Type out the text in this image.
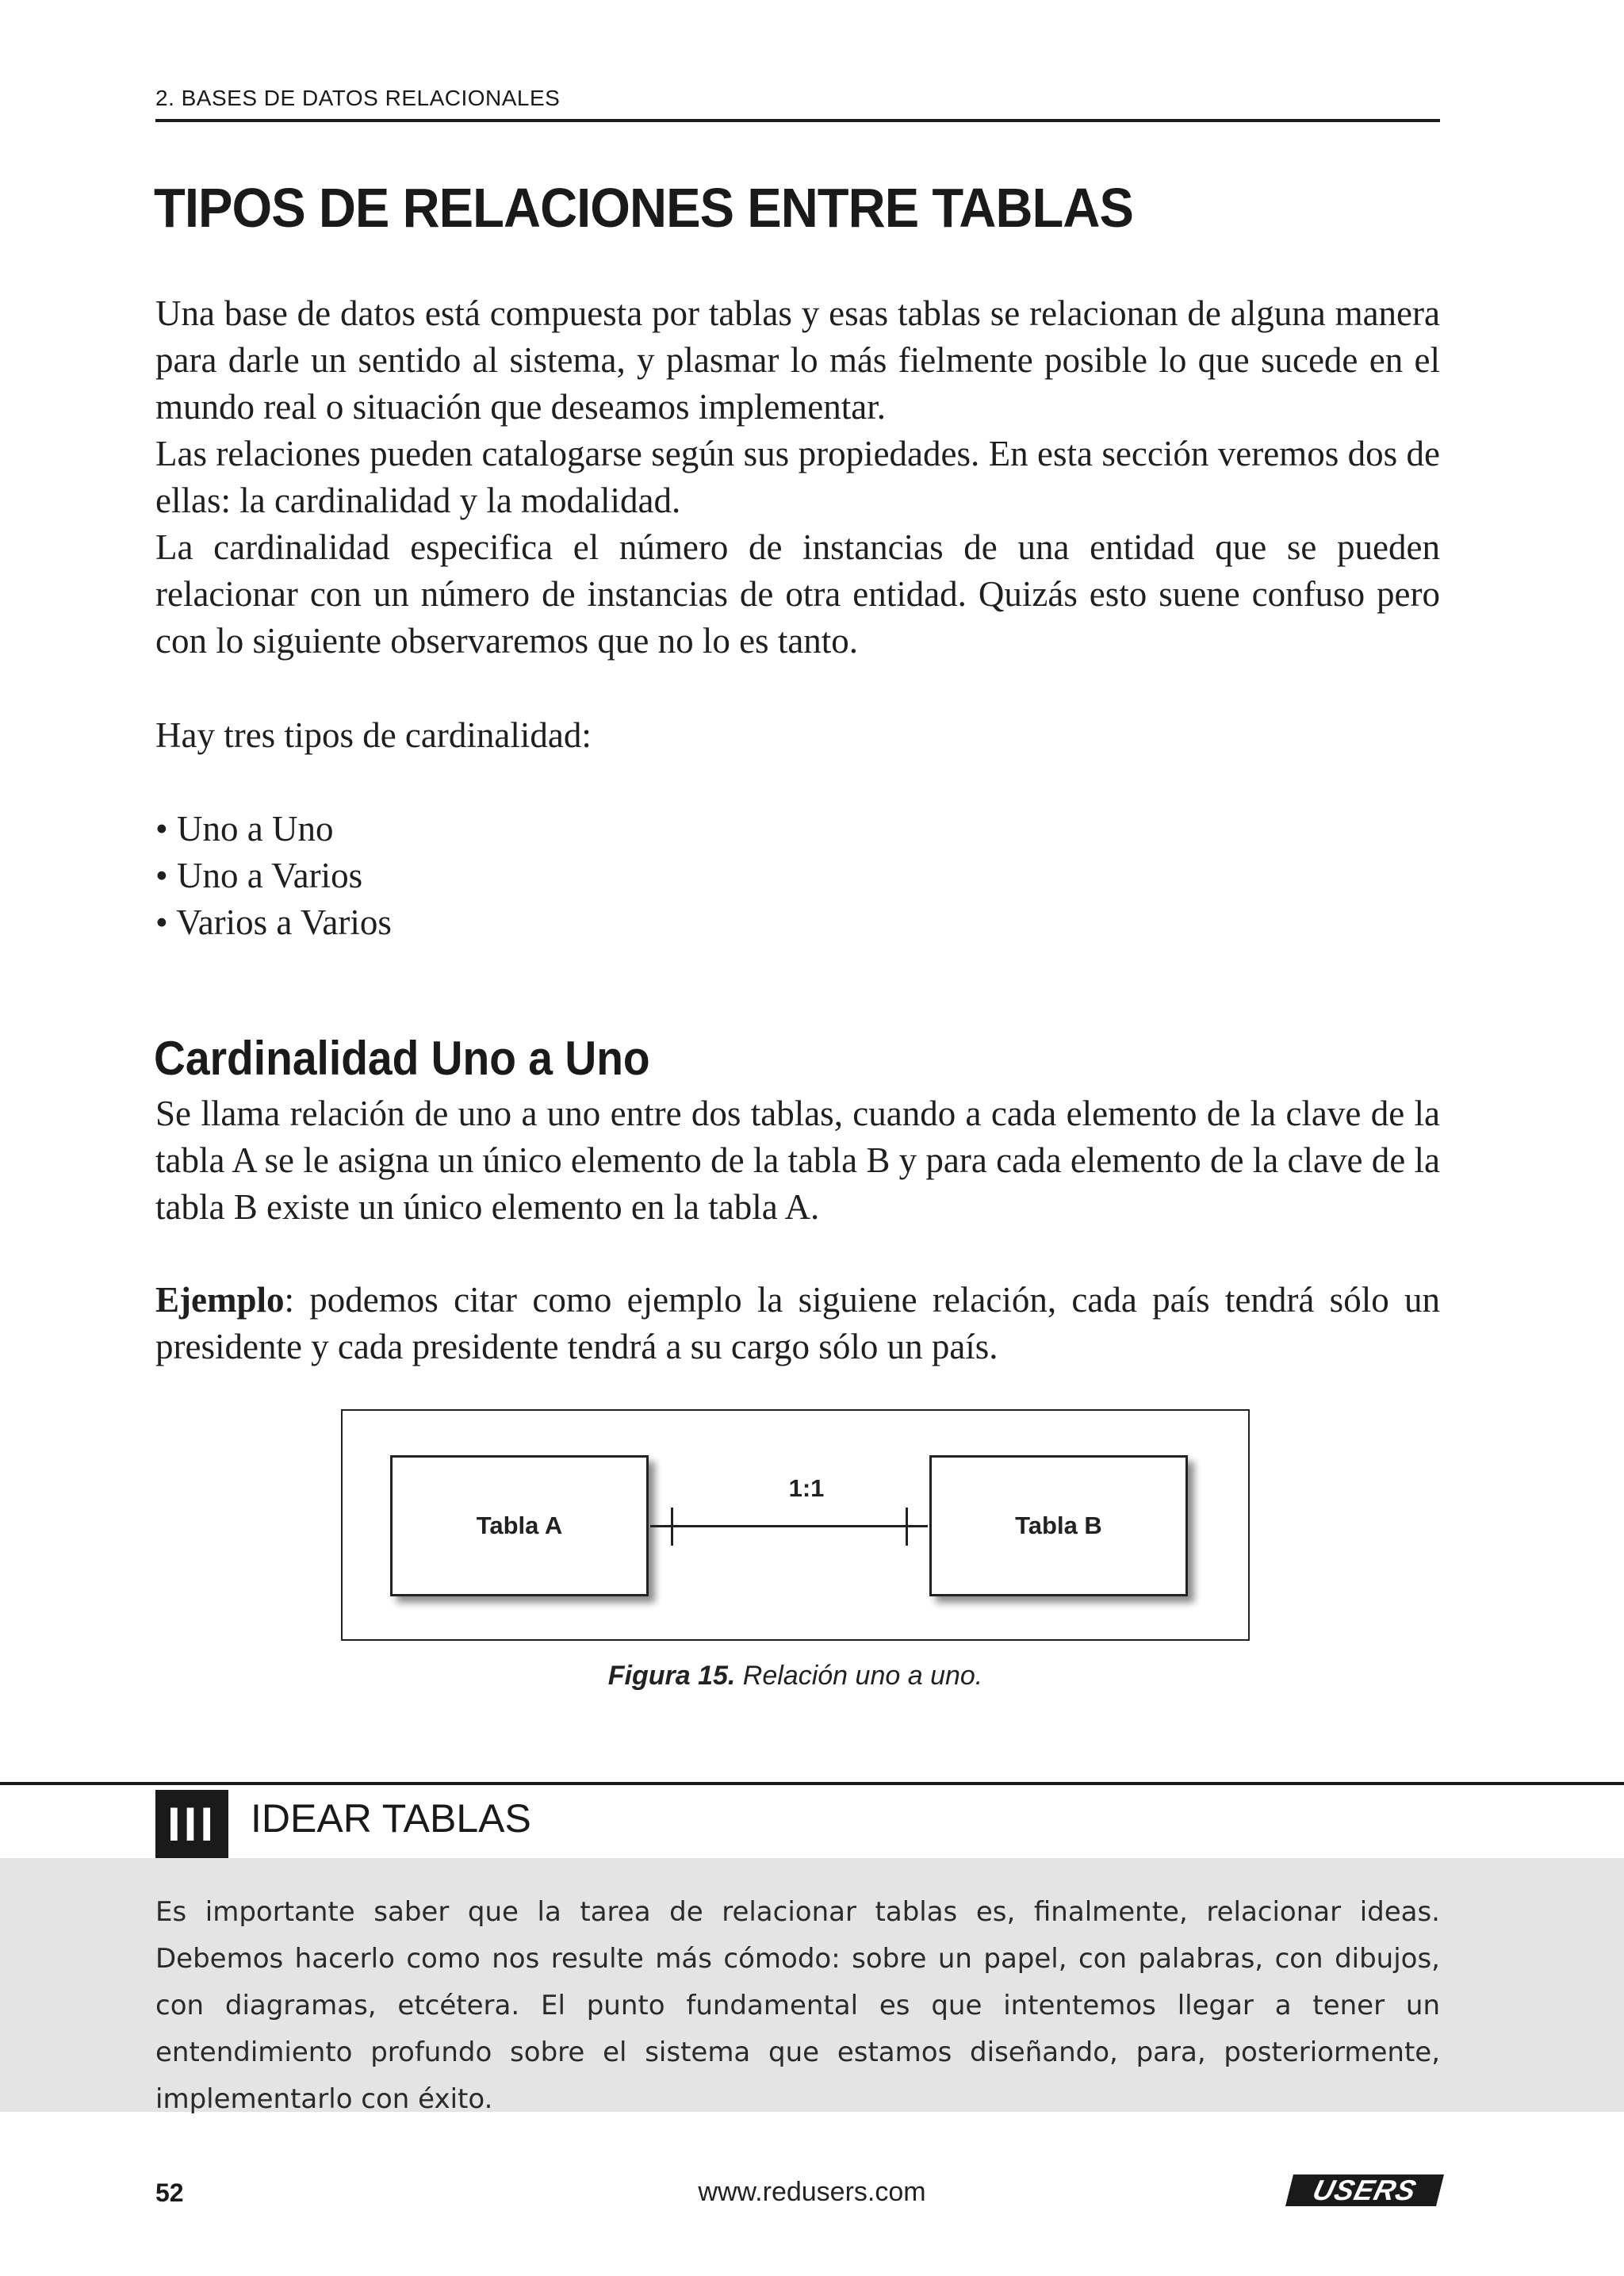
2. BASES DE DATOS RELACIONALES
TIPOS DE RELACIONES ENTRE TABLAS

Una base de datos está compuesta por tablas y esas tablas se relacionan de alguna manera para darle un sentido al sistema, y plasmar lo más fielmente posible lo que sucede en el mundo real o situación que deseamos implementar.

Las relaciones pueden catalogarse según sus propiedades. En esta sección veremos dos de ellas: la cardinalidad y la modalidad.

La cardinalidad especifica el número de instancias de una entidad que se pueden relacionar con un número de instancias de otra entidad. Quizás esto suene confuso pero con lo siguiente observaremos que no lo es tanto.

Hay tres tipos de cardinalidad:

• Uno a Uno
• Uno a Varios
• Varios a Varios
Cardinalidad Uno a Uno

Se llama relación de uno a uno entre dos tablas, cuando a cada elemento de la clave de la tabla A se le asigna un único elemento de la tabla B y para cada elemento de la clave de la tabla B existe un único elemento en la tabla A.

Ejemplo: podemos citar como ejemplo la siguiene relación, cada país tendrá sólo un presidente y cada presidente tendrá a su cargo sólo un país.

Tabla A
1:1
Tabla B
Figura 15. Relación uno a uno.
III IDEAR TABLAS

Es importante saber que la tarea de relacionar tablas es, finalmente, relacionar ideas. Debemos hacerlo como nos resulte más cómodo: sobre un papel, con palabras, con dibujos, con diagramas, etcétera. El punto fundamental es que intentemos llegar a tener un entendimiento profundo sobre el sistema que estamos diseñando, para, posteriormente, implementarlo con éxito.

52	www.redusers.com	USERS
